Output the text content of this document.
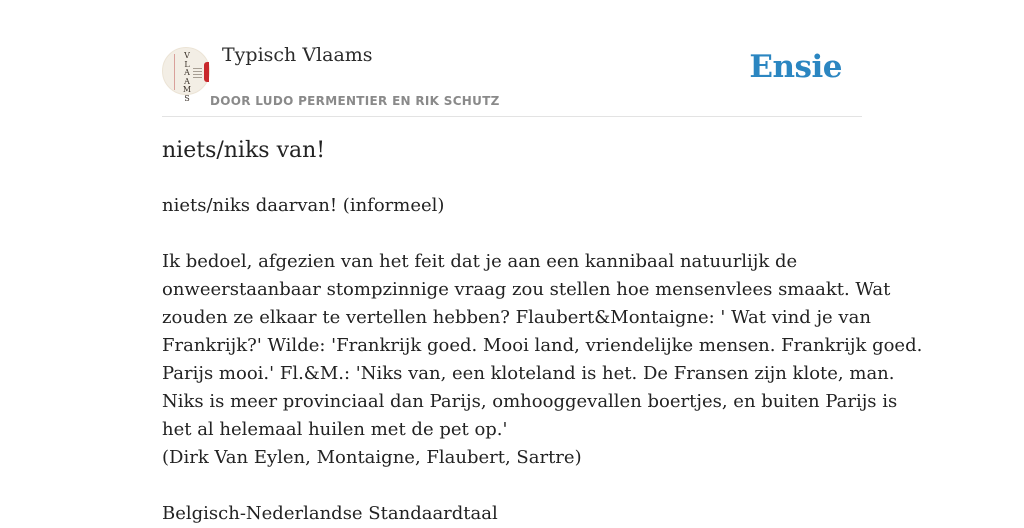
V
L
A
A
M
S
Typisch Vlaams
DOOR LUDO PERMENTIER EN RIK SCHUTZ
Ensie
niets/niks van!

niets/niks daarvan! (informeel)

Ik bedoel, afgezien van het feit dat je aan een kannibaal natuurlijk de

onweerstaanbaar stompzinnige vraag zou stellen hoe mensenvlees smaakt. Wat

zouden ze elkaar te vertellen hebben? Flaubert&Montaigne: ' Wat vind je van

Frankrijk?' Wilde: 'Frankrijk goed. Mooi land, vriendelijke mensen. Frankrijk goed.

Parijs mooi.' Fl.&M.: 'Niks van, een kloteland is het. De Fransen zijn klote, man.

Niks is meer provinciaal dan Parijs, omhooggevallen boertjes, en buiten Parijs is

het al helemaal huilen met de pet op.'

(Dirk Van Eylen, Montaigne, Flaubert, Sartre)

Belgisch-Nederlandse Standaardtaal
